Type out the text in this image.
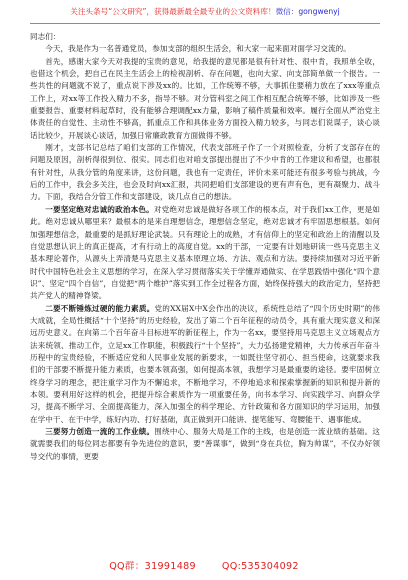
关注头条号“公文研究”，获得最新最全最专业的公文资料库！微信：gongwenyj

同志们：

今天，我是作为一名普通党员，参加支部的组织生活会，和大家一起来面对面学习交流的。

首先，感谢大家今天对我提的宝贵的意见，给我提的意见都是很有针对性、很中肯，我照单全收，也借这个机会，把自己在民主生活会上的检视剖析、存在问题，也向大家、向支部简单做一个报告。一些共性的问题就不说了，重点说下涉及xx的。比如，工作统筹不够，大事抓住要稍力放在了xxx等重点工作上，对xx等工作投入精力不多，指导不够。对分管科室之间工作相互配合统筹不够，比如涉及一些重要报告、重要材料起草时，没有能够合理调配xx力量，影响了稿件质量和效率。履行全面从严治党主体责任的自觉性、主动性不够高，抓重点工作和具体业务方面投入精力较多，与同志们说谋子，谈心谈话比较少，开展谈心谈话，加强日常廉政教育方面做得不够。

刚才，支部书记总结了咱们支部的工作情况，代表支部班子作了一个对照检查，分析了支部存在的问题及原因，剖析得很到位、很实。同志们也对咱支部提出提出了不少中肯的工作建议和希望，也都很有针对性，从我分管的角度来讲，这份问题，我也有一定责任，评价未来可能还有很多考验与挑战，今后的工作中，我会多关注，也会及时向xx汇报，共同把咱们支部建设的更有声有色，更有凝聚力、战斗力。下面，我结合分管工作和支部建设，谈几点自己的想法。

一要坚定绝对忠诚的政治本色。对党绝对忠诚是做好各项工作的根本点，对于我们xx工作，更是如此。绝对忠诚从哪里来？最根本的是来自理想信念，理想信念坚定，绝对忠诚才有牢固思想根基。如何加强理想信念，最重要的是抓好理论武装。只有理论上的成熟，才有信仰上的坚定和政治上的清醒以及自觉思想认识上的真正提高，才有行动上的高度自觉。xx的干部，一定要有计划地研读一些马克思主义基本理论著作，从源头上弄清楚马克思主义基本原理立场、方法、观点和方法。要持续加强对习近平新时代中国特色社会主义思想的学习，在深入学习贯彻落实关于学懂弄通做实、在学思践悟中强化“四个意识”、坚定“四个自信”，自觉把“两个维护”落实到工作全过程各方面，始终保持强大的政治定力，坚持把共产党人的精神脊梁。

二要不断锤炼过硬的能力素质。党的XX届X中X会作出的决议，系统性总结了“四个历史时期”的伟大成就，全局性概括“十个坚持”的历史经验，发出了第二个百年征程的动员令，具有重大现实意义和深远历史意义。在向第二个百年奋斗目标进军的新征程上，作为一名xx，要坚持用马克思主义立场观点方法来统领、推动工作，立足xx工作职能，积极践行“十个坚持”，大力弘扬建党精神，大力传承百年奋斗历程中的宝贵经验，不断适应党和人民事业发展的新要求，一如既往坚守初心、担当使命，这就要求我们的干部要不断提升能力素质，也要本领高强，如何提高本领，我想学习是最重要的途径。要牢固树立终身学习的理念，把注重学习作为不懈追求，不断地学习，不停地追求和探索掌握新的知识和提升新的本领。要利用好这样的机会，把提升综合素质作为一项重要任务，向书本学习、向实践学习、向群众学习，提高不断学习、全面提高能力，深入加强全的科学理论、方针政策和各方面知识的学习运用，加强在学中干、在干中学，练好内功、打好基础，真正做到开口能讲、提笔能写、弯腰能干、遇事能成。

三要努力创造一流的工作业绩。围绕中心、服务大局是工作的主线，也是创造一流业绩的基础。这就需要我们的每位同志都要有争先进位的意识，要“善谋事”，做到“身在兵位，胸为帅谋”，不仅办好领导交代的事情，更要

QQ群：31991489	QQ:535304092
